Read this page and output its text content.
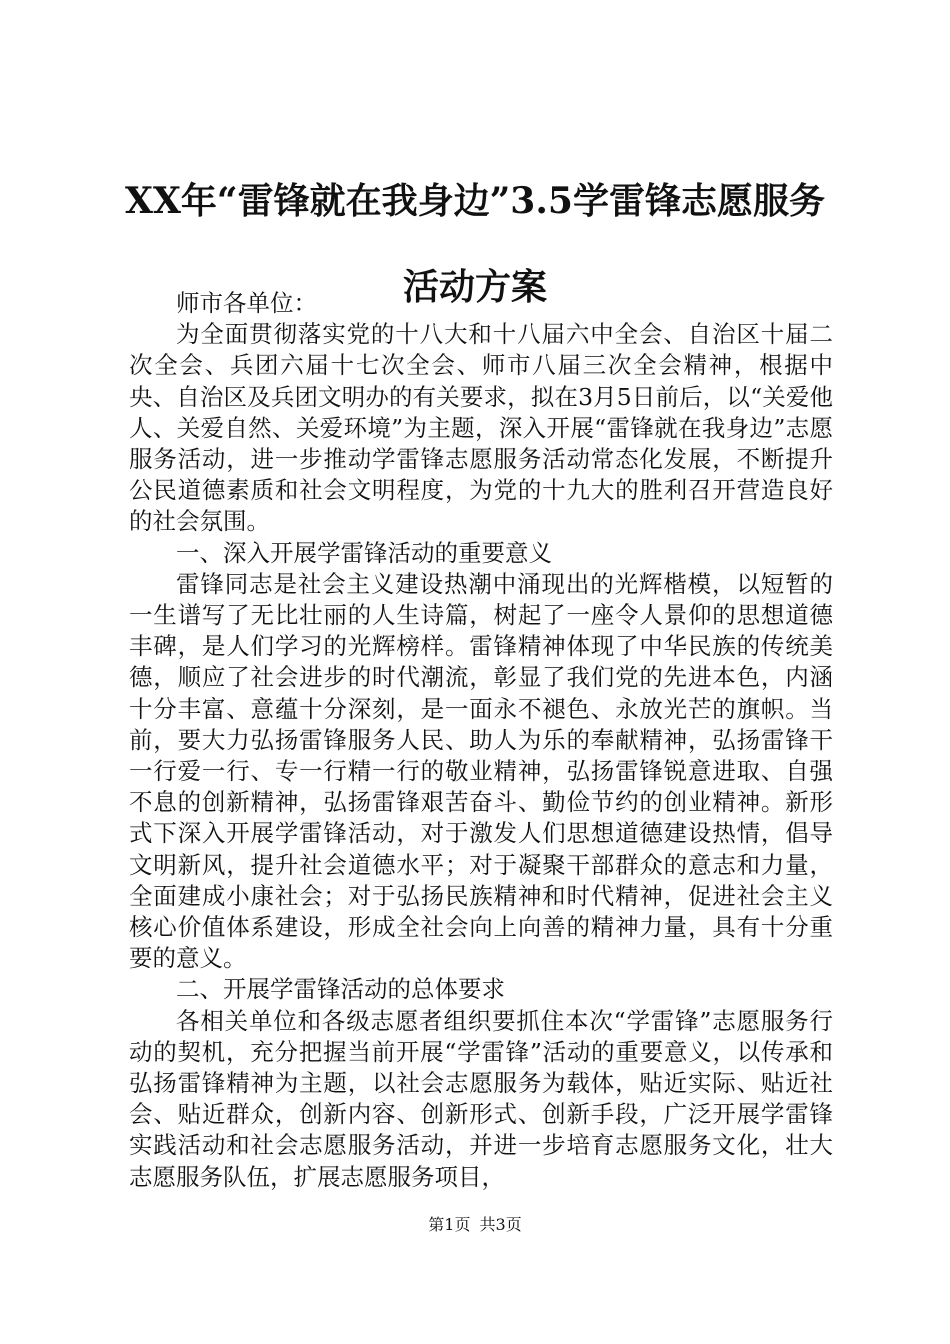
XX年“雷锋就在我身边”3.5学雷锋志愿服务
活动方案

师市各单位：

为全面贯彻落实党的十八大和十八届六中全会、自治区十届二次全会、兵团六届十七次全会、师市八届三次全会精神，根据中央、自治区及兵团文明办的有关要求，拟在3月5日前后，以“关爱他人、关爱自然、关爱环境”为主题，深入开展“雷锋就在我身边”志愿服务活动，进一步推动学雷锋志愿服务活动常态化发展，不断提升公民道德素质和社会文明程度，为党的十九大的胜利召开营造良好的社会氛围。

一、深入开展学雷锋活动的重要意义

雷锋同志是社会主义建设热潮中涌现出的光辉楷模，以短暂的一生谱写了无比壮丽的人生诗篇，树起了一座令人景仰的思想道德丰碑，是人们学习的光辉榜样。雷锋精神体现了中华民族的传统美德，顺应了社会进步的时代潮流，彰显了我们党的先进本色，内涵十分丰富、意蕴十分深刻，是一面永不褪色、永放光芒的旗帜。当前，要大力弘扬雷锋服务人民、助人为乐的奉献精神，弘扬雷锋干一行爱一行、专一行精一行的敬业精神，弘扬雷锋锐意进取、自强不息的创新精神，弘扬雷锋艰苦奋斗、勤俭节约的创业精神。新形式下深入开展学雷锋活动，对于激发人们思想道德建设热情，倡导文明新风，提升社会道德水平；对于凝聚干部群众的意志和力量，全面建成小康社会；对于弘扬民族精神和时代精神，促进社会主义核心价值体系建设，形成全社会向上向善的精神力量，具有十分重要的意义。

二、开展学雷锋活动的总体要求

各相关单位和各级志愿者组织要抓住本次“学雷锋”志愿服务行动的契机，充分把握当前开展“学雷锋”活动的重要意义，以传承和弘扬雷锋精神为主题，以社会志愿服务为载体，贴近实际、贴近社会、贴近群众，创新内容、创新形式、创新手段，广泛开展学雷锋实践活动和社会志愿服务活动，并进一步培育志愿服务文化，壮大志愿服务队伍，扩展志愿服务项目，

第1页 共3页
